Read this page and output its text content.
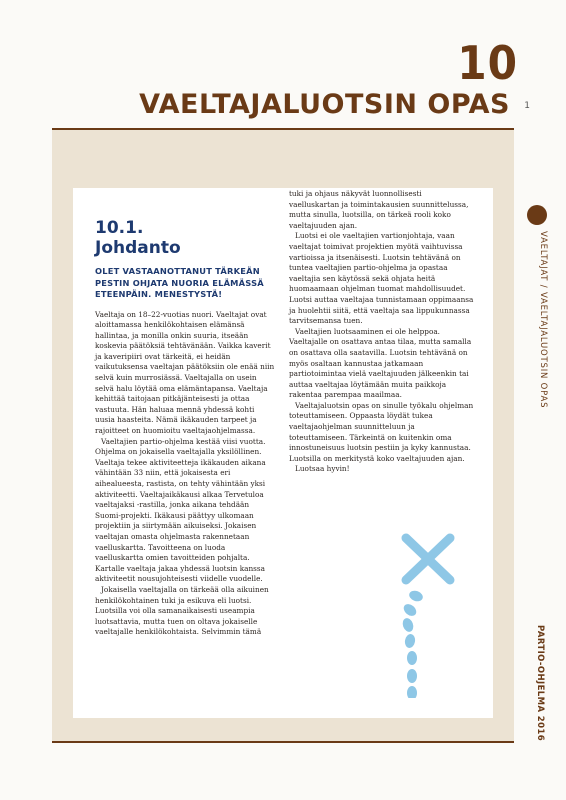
10
VAELTAJALUOTSIN OPAS 1
10.1.
Johdanto
OLET VASTAANOTTANUT TÄRKEÄN PESTIN OHJATA NUORIA ELÄMÄSSÄ ETEENPÄIN. MENESTYSTÄ!

Vaeltaja on 18–22-vuotias nuori. Vaeltajat ovat aloittamassa henkilökohtaisen elämänsä hallintaa, ja monilla onkin suuria, itseään koskevia päätöksiä tehtävänään. Vaikka kaverit ja kaveripiiri ovat tärkeitä, ei heidän vaikutuksensa vaeltajan päätöksiin ole enää niin selvä kuin murrosiässä. Vaeltajalla on usein selvä halu löytää oma elämäntapansa. Vaeltaja kehittää taitojaan pitkäjänteisesti ja ottaa vastuuta. Hän haluaa mennä yhdessä kohti uusia haasteita. Nämä ikäkauden tarpeet ja rajoitteet on huomioitu vaeltajaohjelmassa.

Vaeltajien partio-ohjelma kestää viisi vuotta. Ohjelma on jokaisella vaeltajalla yksilöllinen. Vaeltaja tekee aktiviteetteja ikäkauden aikana vähintään 33 niin, että jokaisesta eri aihealueesta, rastista, on tehty vähintään yksi aktiviteetti. Vaeltajaikäkausi alkaa Tervetuloa vaeltajaksi -rastilla, jonka aikana tehdään Suomi-projekti. Ikäkausi päättyy ulkomaan projektiin ja siirtymään aikuiseksi. Jokaisen vaeltajan omasta ohjelmasta rakennetaan vaelluskartta. Tavoitteena on luoda vaelluskartta omien tavoitteiden pohjalta. Kartalle vaeltaja jakaa yhdessä luotsin kanssa aktiviteetit nousujohteisesti viidelle vuodelle.

Jokaisella vaeltajalla on tärkeää olla aikuinen henkilökohtainen tuki ja esikuva eli luotsi. Luotsilla voi olla samanaikaisesti useampia luotsattavia, mutta tuen on oltava jokaiselle vaeltajalle henkilökohtaista. Selvimmin tämä

tuki ja ohjaus näkyvät luonnollisesti vaelluskartan ja toimintakausien suunnittelussa, mutta sinulla, luotsilla, on tärkeä rooli koko vaeltajuuden ajan.

Luotsi ei ole vaeltajien vartionjohtaja, vaan vaeltajat toimivat projektien myötä vaihtuvissa vartioissa ja itsenäisesti. Luotsin tehtävänä on tuntea vaeltajien partio-ohjelma ja opastaa vaeltajia sen käytössä sekä ohjata heitä huomaamaan ohjelman tuomat mahdollisuudet. Luotsi auttaa vaeltajaa tunnistamaan oppimaansa ja huolehtii siitä, että vaeltaja saa lippukunnassa tarvitsemansa tuen.

Vaeltajien luotsaaminen ei ole helppoa. Vaeltajalle on osattava antaa tilaa, mutta samalla on osattava olla saatavilla. Luotsin tehtävänä on myös osaltaan kannustaa jatkamaan partiotoimintaa vielä vaeltajuuden jälkeenkin tai auttaa vaeltajaa löytämään muita paikkoja rakentaa parempaa maailmaa.

Vaeltajaluotsin opas on sinulle työkalu ohjelman toteuttamiseen. Oppaasta löydät tukea vaeltajaohjelman suunnitteluun ja toteuttamiseen. Tärkeintä on kuitenkin oma innostuneisuus luotsin pestiin ja kyky kannustaa. Luotsilla on merkitystä koko vaeltajuuden ajan.

Luotsaa hyvin!

VAELTAJAT / VAELTAJALUOTSIN OPAS
PARTIO-OHJELMA 2016
